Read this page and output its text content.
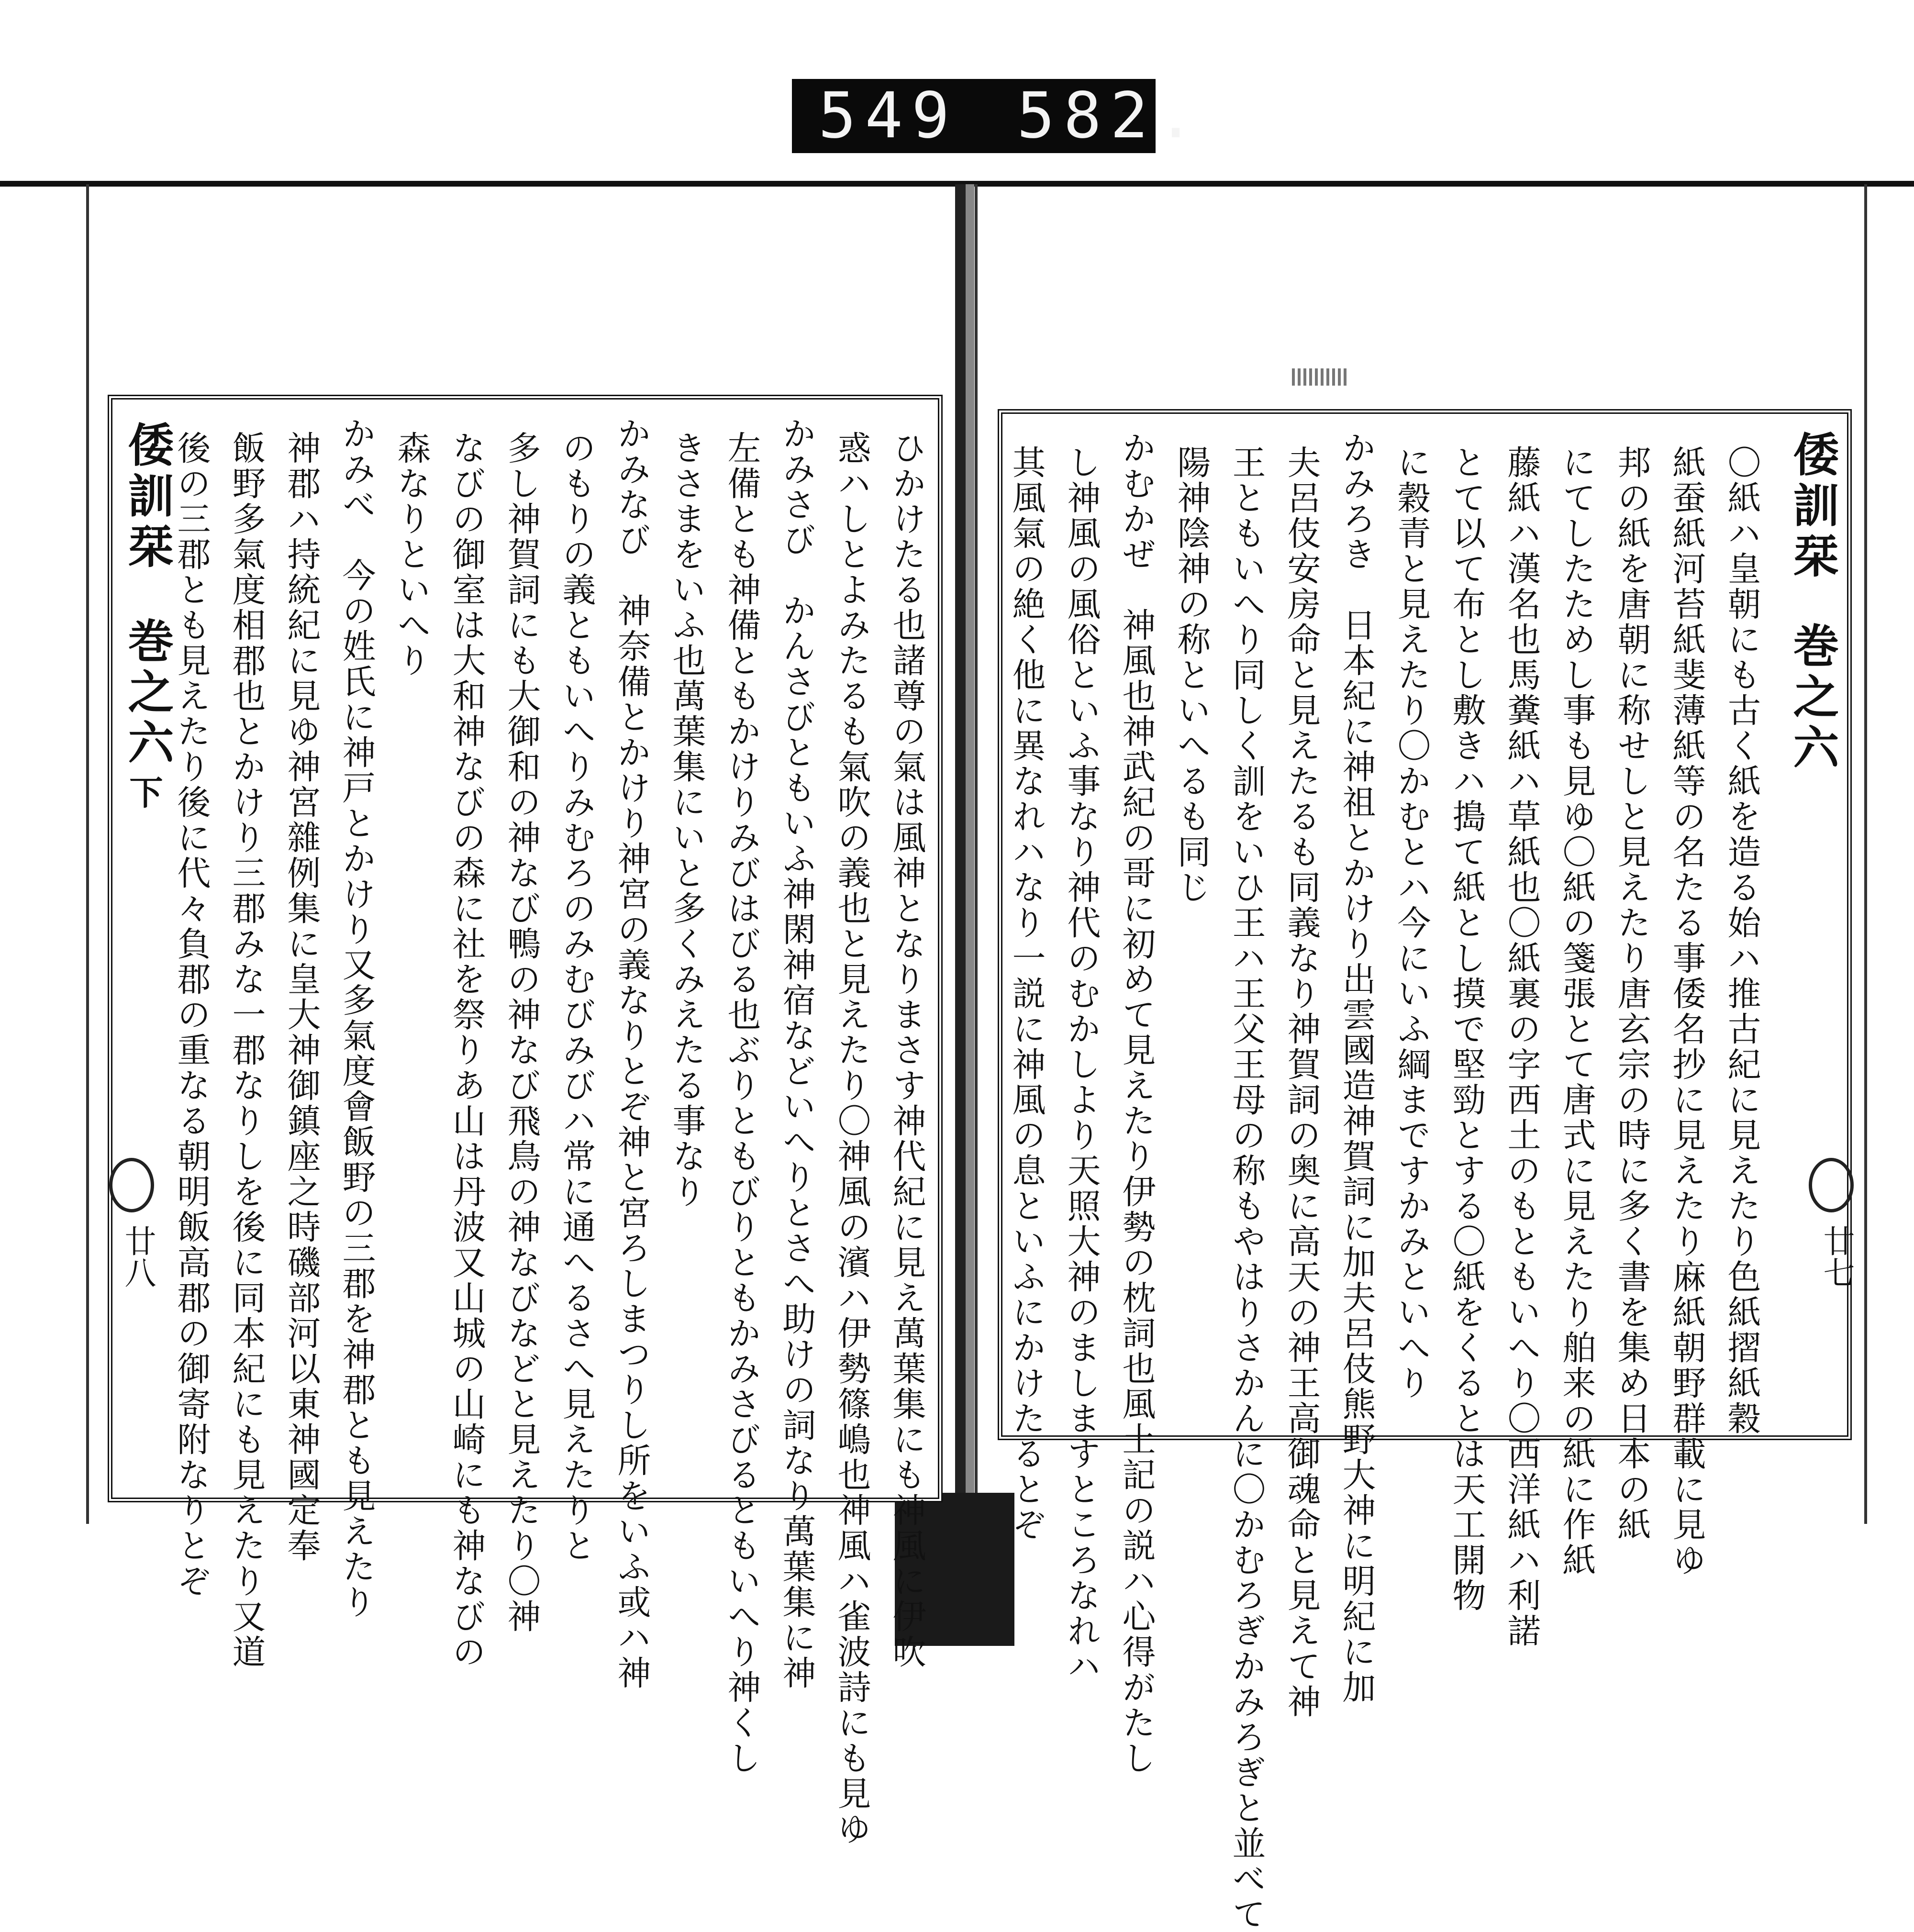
549 582.
倭訓栞
巻之六
下
廿八	ひかけたる也諸尊の氣は風神となりまさす神代紀に見え萬葉集にも神風に伊吹
惑ハしとよみたるも氣吹の義也と見えたり〇神風の濱ハ伊勢篠嶋也神風ハ雀波詩にも見ゆ
かみさび　かんさびともいふ神閑神宿などいへりとさへ助けの詞なり萬葉集に神
左備とも神備ともかけりみびはびる也ぶりともびりともかみさびるともいへり神くし
きさまをいふ也萬葉集にいと多くみえたる事なり
かみなび　神奈備とかけり神宮の義なりとぞ神と宮ろしまつりし所をいふ或ハ神
のもりの義ともいへりみむろのみむびみびハ常に通へるさへ見えたりと
多し神賀詞にも大御和の神なび鴨の神なび飛鳥の神なびなどと見えたり〇神
なびの御室は大和神なびの森に社を祭りあ山は丹波又山城の山崎にも神なびの
森なりといへり
かみべ　今の姓氏に神戸とかけり又多氣度會飯野の三郡を神郡とも見えたり
神郡ハ持統紀に見ゆ神宮雜例集に皇大神御鎮座之時磯部河以東神國定奉
飯野多氣度相郡也とかけり三郡みな一郡なりしを後に同本紀にも見えたり又道
後の三郡とも見えたり後に代々負郡の重なる朝明飯高郡の御寄附なりとぞ	倭訓栞
巻之六
廿七
〇紙ハ皇朝にも古く紙を造る始ハ推古紀に見えたり色紙摺紙穀
紙蚕紙河苔紙斐薄紙等の名たる事倭名抄に見えたり麻紙朝野群載に見ゆ
邦の紙を唐朝に称せしと見えたり唐玄宗の時に多く書を集め日本の紙
にてしたためし事も見ゆ〇紙の箋張とて唐式に見えたり舶来の紙に作紙
藤紙ハ漢名也馬糞紙ハ草紙也〇紙裏の字西土のもともいへり〇西洋紙ハ利諾
とて以て布とし敷きハ搗て紙とし摸で堅勁とする〇紙をくるとは天工開物
に穀青と見えたり〇かむとハ今にいふ綱まですかみといへり
かみろき　日本紀に神祖とかけり出雲國造神賀詞に加夫呂伎熊野大神に明紀に加
夫呂伎安房命と見えたるも同義なり神賀詞の奥に高天の神王高御魂命と見えて神
王ともいへり同しく訓をいひ王ハ王父王母の称もやはりさかんに〇かむろぎかみろぎと並べて
陽神陰神の称といへるも同じ
かむかぜ　神風也神武紀の哥に初めて見えたり伊勢の枕詞也風土記の説ハ心得がたし
し神風の風俗といふ事なり神代のむかしより天照大神のましますところなれハ
其風氣の絶く他に異なれハなり一説に神風の息といふにかけたるとぞ
